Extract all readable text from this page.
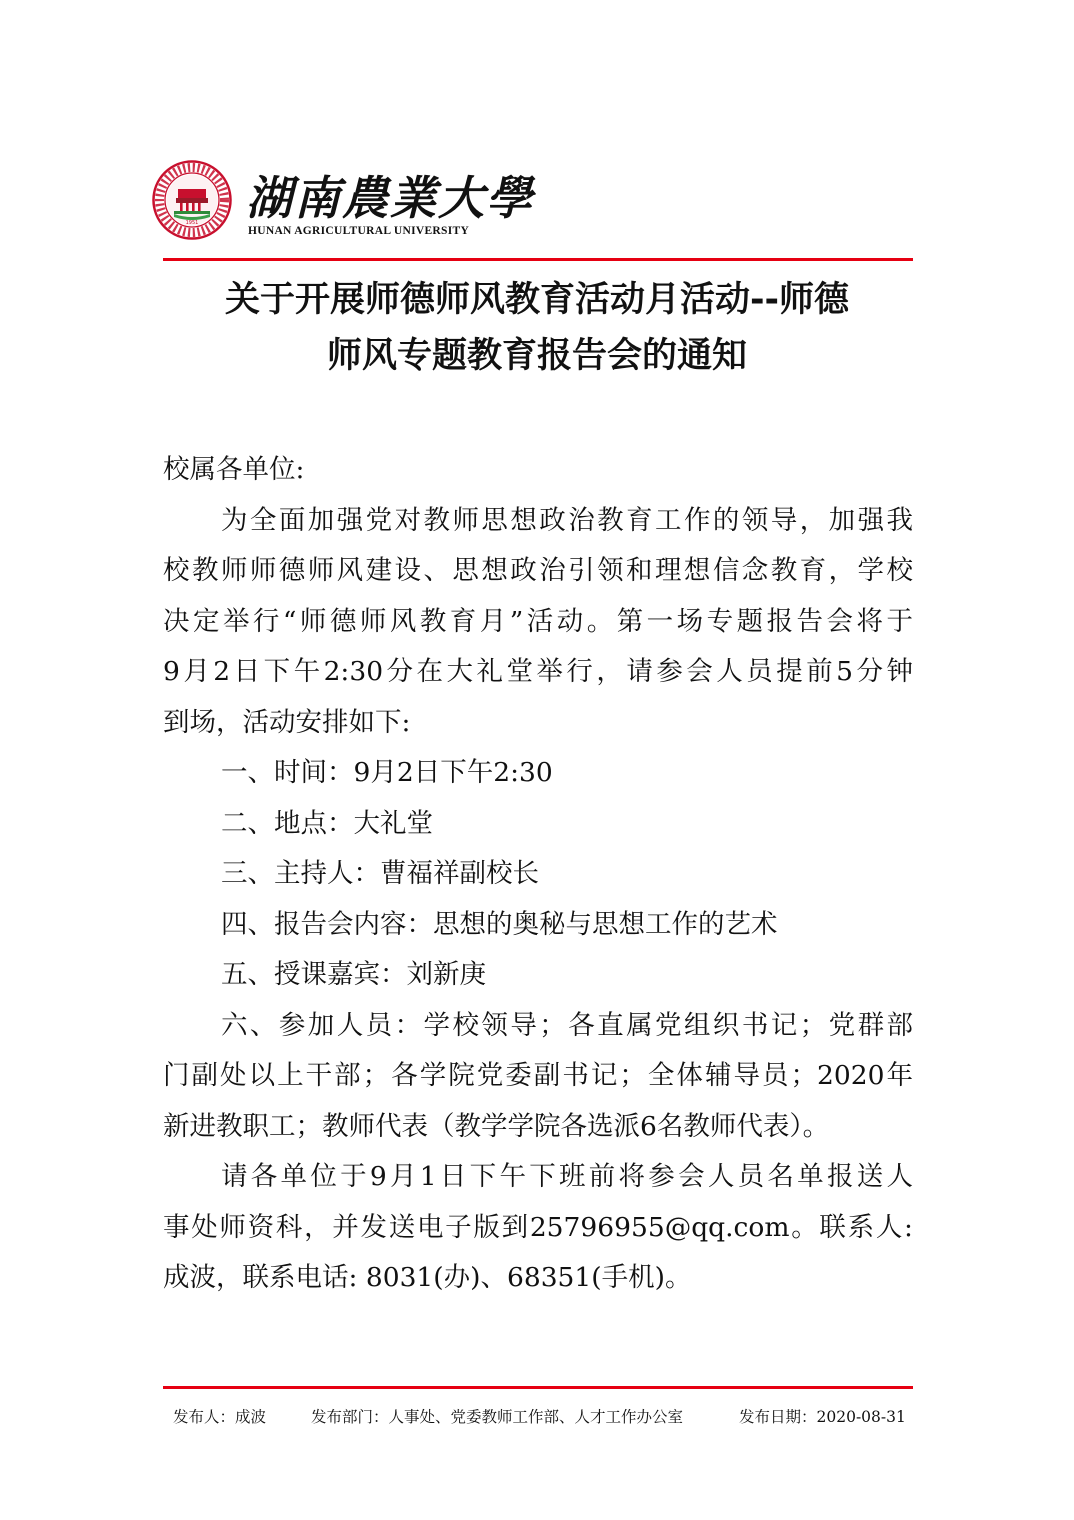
1951 湖南農業大學
HUNAN AGRICULTURAL UNIVERSITY
关于开展师德师风教育活动月活动--师德
师风专题教育报告会的通知
校属各单位:
为全面加强党对教师思想政治教育工作的领导，加强我
校教师师德师风建设、思想政治引领和理想信念教育，学校
决定举行“师德师风教育月”活动。第一场专题报告会将于
9月2日下午2:30分在大礼堂举行，请参会人员提前5分钟
到场，活动安排如下:
一、时间：9月2日下午2:30
二、地点：大礼堂
三、主持人：曹福祥副校长
四、报告会内容：思想的奥秘与思想工作的艺术
五、授课嘉宾：刘新庚
六、参加人员：学校领导；各直属党组织书记；党群部
门副处以上干部；各学院党委副书记；全体辅导员；2020年
新进教职工；教师代表（教学学院各选派6名教师代表）。
请各单位于9月1日下午下班前将参会人员名单报送人
事处师资科，并发送电子版到25796955@qq.com。联系人:
成波，联系电话: 8031(办)、68351(手机)。
发布人：成波	发布部门：人事处、党委教师工作部、人才工作办公室	发布日期：2020-08-31
